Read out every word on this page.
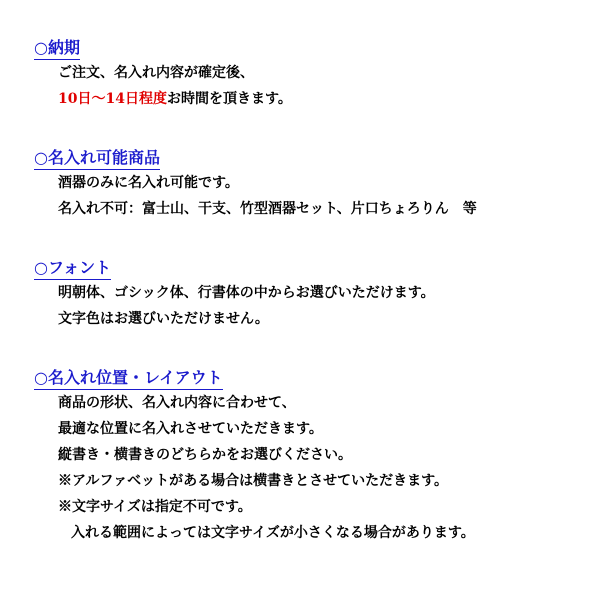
○納期
ご注文、名入れ内容が確定後、
10日〜14日程度お時間を頂きます。
○名入れ可能商品
酒器のみに名入れ可能です。
名入れ不可：富士山、干支、竹型酒器セット、片口ちょろりん　等
○フォント
明朝体、ゴシック体、行書体の中からお選びいただけます。
文字色はお選びいただけません。
○名入れ位置・レイアウト
商品の形状、名入れ内容に合わせて、
最適な位置に名入れさせていただきます。
縦書き・横書きのどちらかをお選びください。
※アルファベットがある場合は横書きとさせていただきます。
※文字サイズは指定不可です。
入れる範囲によっては文字サイズが小さくなる場合があります。
